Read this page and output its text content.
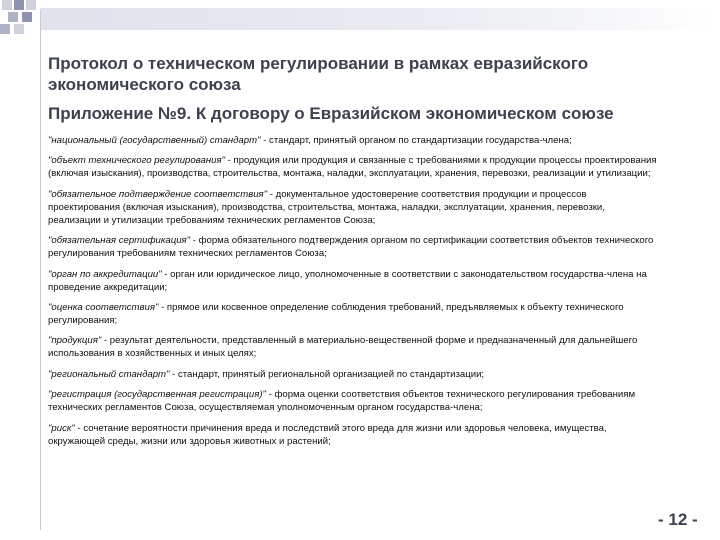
Протокол о техническом регулировании в рамках евразийского экономического союза
Приложение №9. К договору о Евразийском экономическом союзе
"национальный (государственный) стандарт" - стандарт, принятый органом по стандартизации государства-члена;
"объект технического регулирования" - продукция или продукция и связанные с требованиями к продукции процессы проектирования (включая изыскания), производства, строительства, монтажа, наладки, эксплуатации, хранения, перевозки, реализации и утилизации;
"обязательное подтверждение соответствия" - документальное удостоверение соответствия продукции и процессов проектирования (включая изыскания), производства, строительства, монтажа, наладки, эксплуатации, хранения, перевозки, реализации и утилизации требованиям технических регламентов Союза;
"обязательная сертификация" - форма обязательного подтверждения органом по сертификации соответствия объектов технического регулирования требованиям технических регламентов Союза;
"орган по аккредитации" - орган или юридическое лицо, уполномоченные в соответствии с законодательством государства-члена на проведение аккредитации;
"оценка соответствия" - прямое или косвенное определение соблюдения требований, предъявляемых к объекту технического регулирования;
"продукция" - результат деятельности, представленный в материально-вещественной форме и предназначенный для дальнейшего использования в хозяйственных и иных целях;
"региональный стандарт" - стандарт, принятый региональной организацией по стандартизации;
"регистрация (государственная регистрация)" - форма оценки соответствия объектов технического регулирования требованиям технических регламентов Союза, осуществляемая уполномоченным органом государства-члена;
"риск" - сочетание вероятности причинения вреда и последствий этого вреда для жизни или здоровья человека, имущества, окружающей среды, жизни или здоровья животных и растений;
- 12 -
